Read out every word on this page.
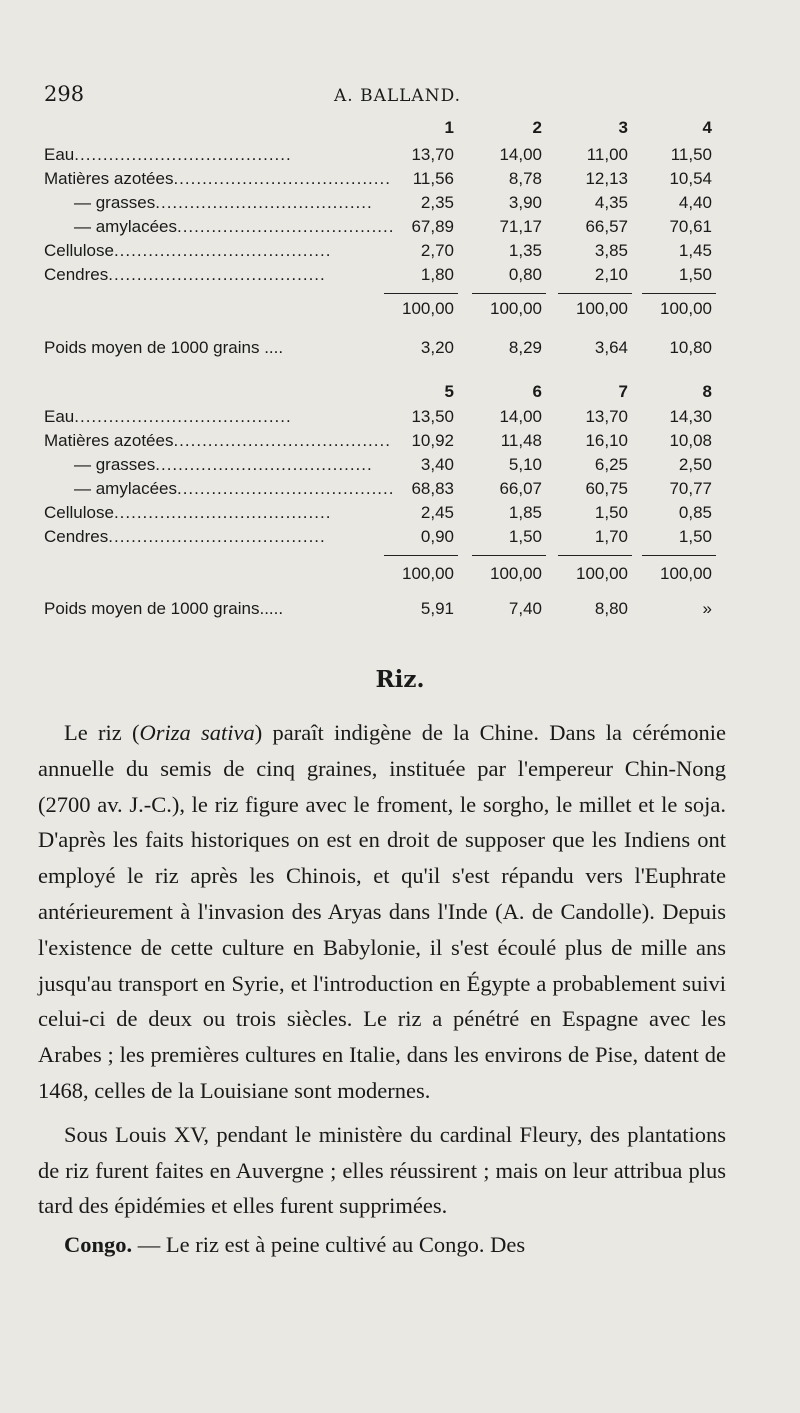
298	A. BALLAND.
1	2	3	4
Eau......................................	13,70	14,00	11,00	11,50
Matières azotées......................................	11,56	8,78	12,13	10,54
— grasses......................................	2,35	3,90	4,35	4,40
— amylacées...................................... 67,89	71,17	66,57	70,61
Cellulose......................................	2,70	1,35	3,85	1,45
Cendres......................................	1,80	0,80	2,10	1,50
100,00	100,00	100,00	100,00
Poids moyen de 1000 grains ....	3,20	8,29	3,64	10,80
5	6	7	8
Eau......................................	13,50	14,00	13,70	14,30
Matières azotées......................................	10,92	11,48	16,10	10,08
— grasses......................................	3,40	5,10	6,25	2,50
— amylacées...................................... 68,83	66,07	60,75	70,77
Cellulose......................................	2,45	1,85	1,50	0,85
Cendres......................................	0,90	1,50	1,70	1,50
100,00	100,00	100,00	100,00
Poids moyen de 1000 grains.....	5,91	7,40	8,80	»
Riz.

Le riz (Oriza sativa) paraît indigène de la Chine. Dans la cérémonie annuelle du semis de cinq graines, instituée par l'empereur Chin-Nong (2700 av. J.-C.), le riz figure avec le froment, le sorgho, le millet et le soja. D'après les faits historiques on est en droit de supposer que les Indiens ont employé le riz après les Chinois, et qu'il s'est répandu vers l'Euphrate antérieurement à l'invasion des Aryas dans l'Inde (A. de Candolle). Depuis l'existence de cette culture en Babylonie, il s'est écoulé plus de mille ans jusqu'au transport en Syrie, et l'introduction en Égypte a probablement suivi celui-ci de deux ou trois siècles. Le riz a pénétré en Espagne avec les Arabes ; les premières cultures en Italie, dans les environs de Pise, datent de 1468, celles de la Louisiane sont modernes.

Sous Louis XV, pendant le ministère du cardinal Fleury, des plantations de riz furent faites en Auvergne ; elles réussirent ; mais on leur attribua plus tard des épidémies et elles furent supprimées.

Congo. — Le riz est à peine cultivé au Congo. Des
